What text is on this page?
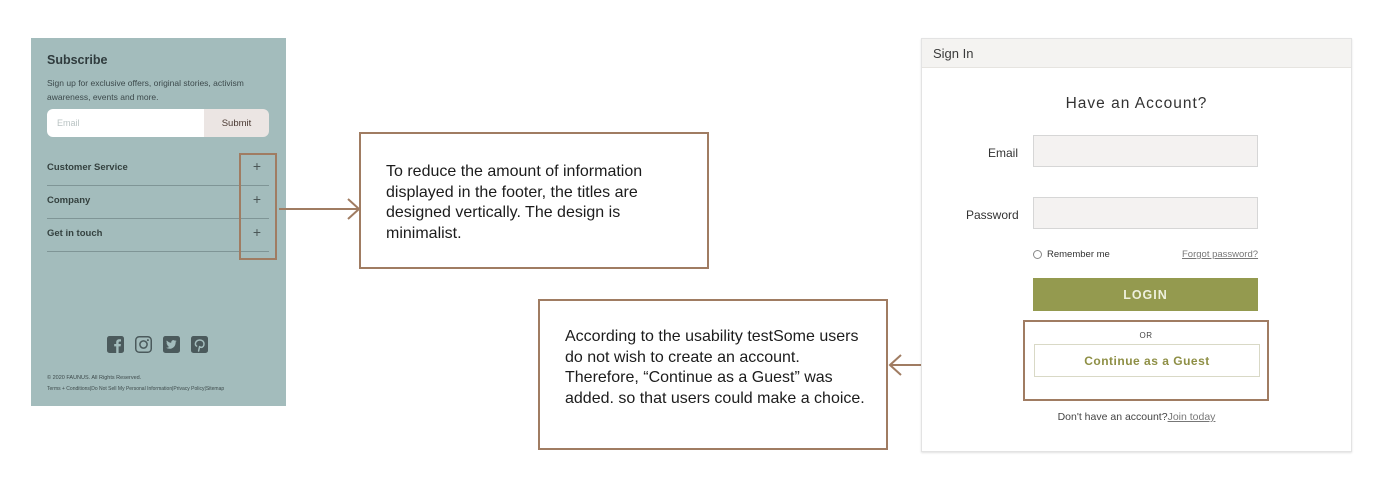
Subscribe
Sign up for exclusive offers, original stories, activism awareness, events and more.
Email
Submit
Customer Service	+
Company	+
Get in touch	+
© 2020 FAUNUS. All Rights Reserved.
Terms + Conditions|Do Not Sell My Personal Information|Privacy Policy|Sitemap
To reduce the amount of information displayed in the footer, the titles are designed vertically. The design is minimalist.
According to the usability testSome users do not wish to create an account. Therefore, “Continue as a Guest” was added. so that users could make a choice.
Sign In
Have an Account?
Email
Password
Remember me	Forgot password?
LOGIN
OR
Continue as a Guest
Don't have an account?Join today
